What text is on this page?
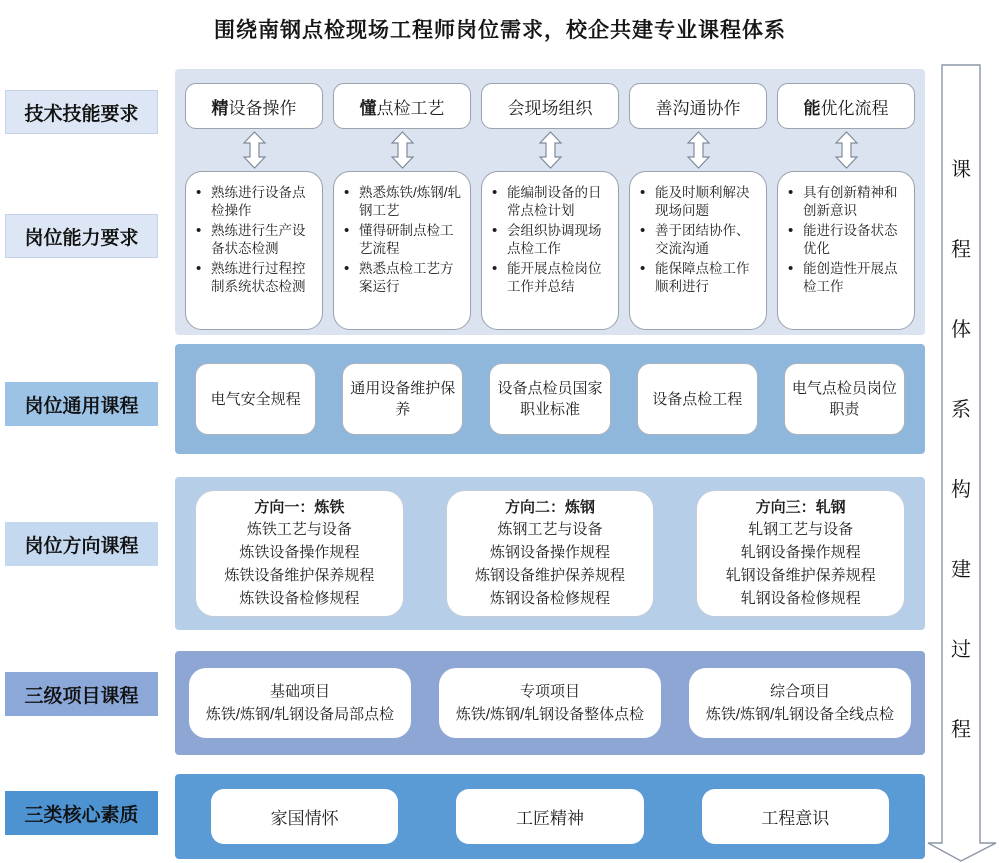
围绕南钢点检现场工程师岗位需求，校企共建专业课程体系
技术技能要求
岗位能力要求
岗位通用课程
岗位方向课程
三级项目课程
三类核心素质
精设备操作	懂点检工艺	会现场组织	善沟通协作	能优化流程
• 熟练进行设备点检操作
• 熟练进行生产设备状态检测
• 熟练进行过程控制系统状态检测
• 熟悉炼铁/炼钢/轧钢工艺
• 懂得研制点检工艺流程
• 熟悉点检工艺方案运行
• 能编制设备的日常点检计划
• 会组织协调现场点检工作
• 能开展点检岗位工作并总结
• 能及时顺利解决现场问题
• 善于团结协作、交流沟通
• 能保障点检工作顺利进行
• 具有创新精神和创新意识
• 能进行设备状态优化
• 能创造性开展点检工作
电气安全规程
通用设备维护保养
设备点检员国家职业标准
设备点检工程
电气点检员岗位职责
方向一：炼铁
炼铁工艺与设备
炼铁设备操作规程
炼铁设备维护保养规程
炼铁设备检修规程
方向二：炼钢
炼钢工艺与设备
炼钢设备操作规程
炼钢设备维护保养规程
炼钢设备检修规程
方向三：轧钢
轧钢工艺与设备
轧钢设备操作规程
轧钢设备维护保养规程
轧钢设备检修规程
基础项目
炼铁/炼钢/轧钢设备局部点检
专项项目
炼铁/炼钢/轧钢设备整体点检
综合项目
炼铁/炼钢/轧钢设备全线点检
家国情怀	工匠精神	工程意识
课
程
体
系
构
建
过
程
